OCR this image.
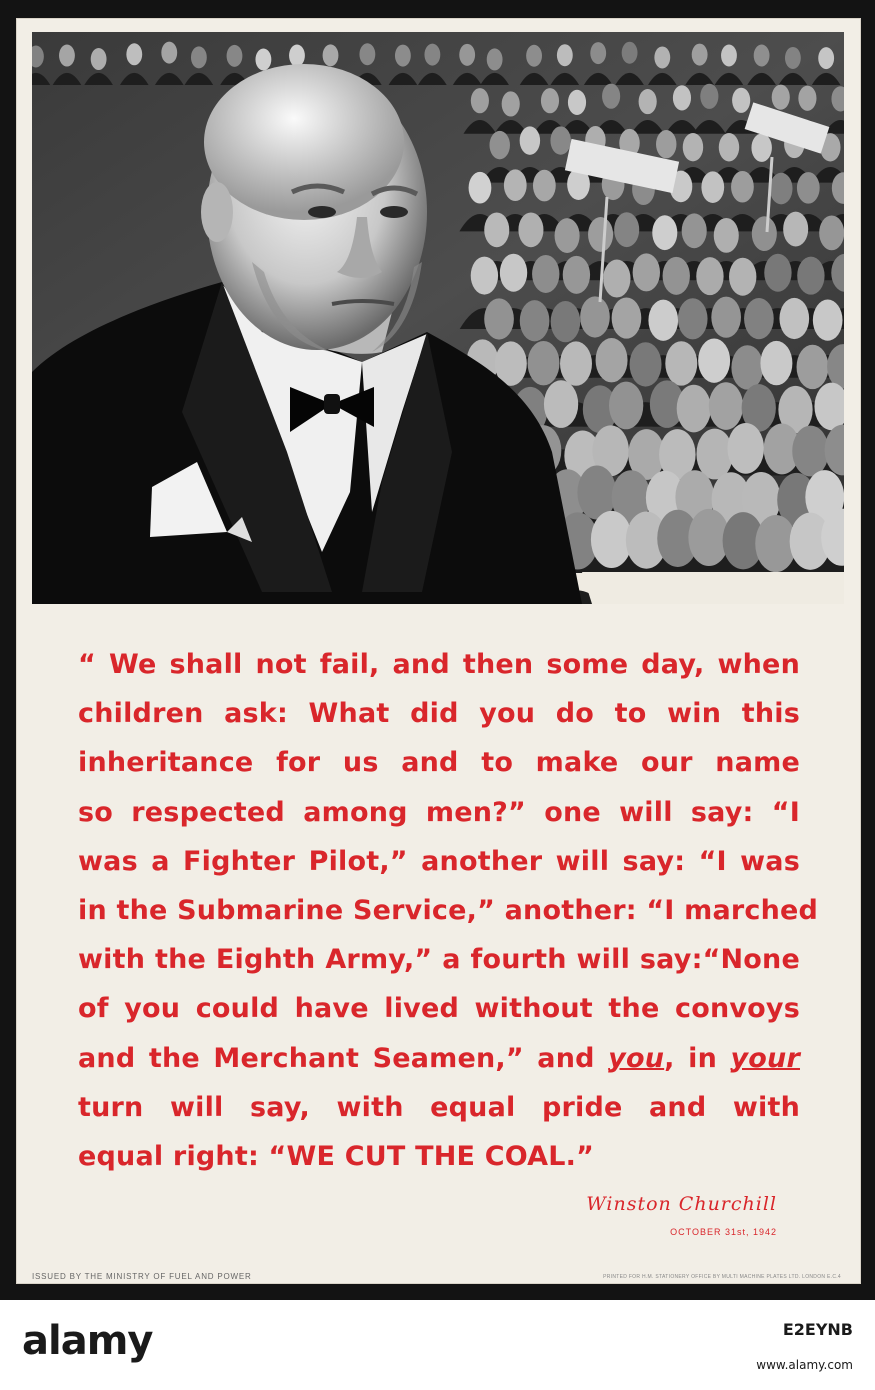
“ We shall not fail, and then some day, when
children ask: What did you do to win this
inheritance for us and to make our name
so respected among men?” one will say: “I
was a Fighter Pilot,” another will say: “I was
in the Submarine Service,” another: “I marched
with the Eighth Army,” a fourth will say:“None
of you could have lived without the convoys
and the Merchant Seamen,” and you, in your
turn will say, with equal pride and with
equal right: “WE CUT THE COAL.”
Winston Churchill
OCTOBER 31st, 1942
ISSUED BY THE MINISTRY OF FUEL AND POWER	PRINTED FOR H.M. STATIONERY OFFICE BY MULTI MACHINE PLATES LTD. LONDON E.C.4
alamy	E2EYNB
www.alamy.com
